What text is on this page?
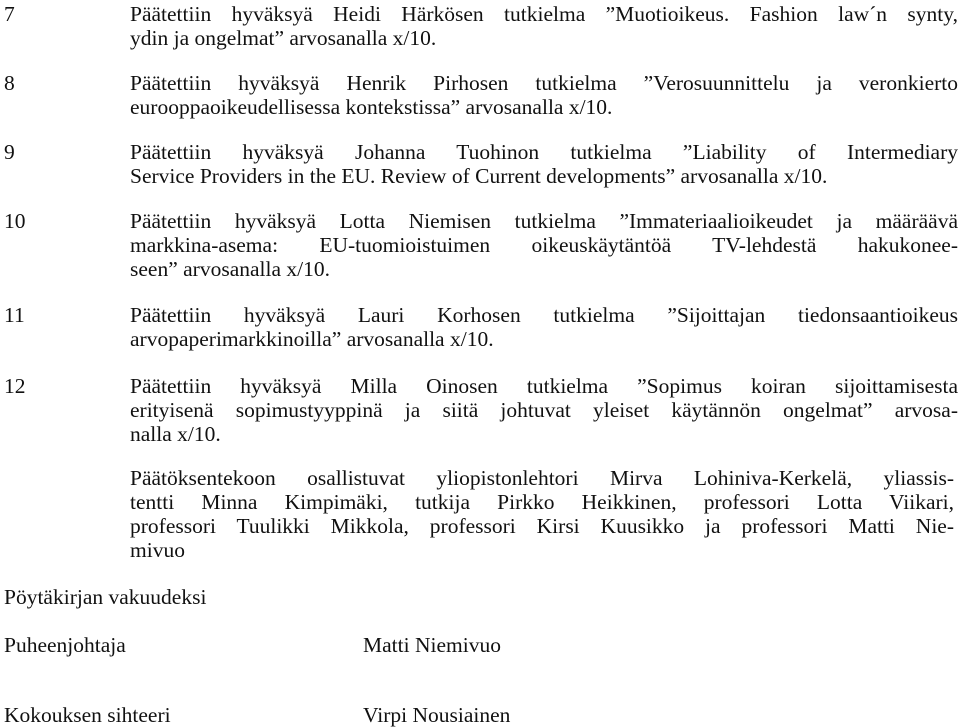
7	Päätettiin hyväksyä Heidi Härkösen tutkielma ”Muotioikeus. Fashion law´n synty,
ydin ja ongelmat” arvosanalla x/10.
8	Päätettiin hyväksyä Henrik Pirhosen tutkielma ”Verosuunnittelu ja veronkierto
eurooppaoikeudellisessa kontekstissa” arvosanalla x/10.
9	Päätettiin hyväksyä Johanna Tuohinon tutkielma ”Liability of Intermediary
Service Providers in the EU. Review of Current developments” arvosanalla x/10.
10	Päätettiin hyväksyä Lotta Niemisen tutkielma ”Immateriaalioikeudet ja määräävä
markkina-asema: EU-tuomioistuimen oikeuskäytäntöä TV-lehdestä hakukonee-
seen” arvosanalla x/10.
11	Päätettiin hyväksyä Lauri Korhosen tutkielma ”Sijoittajan tiedonsaantioikeus
arvopaperimarkkinoilla” arvosanalla x/10.
12	Päätettiin hyväksyä Milla Oinosen tutkielma ”Sopimus koiran sijoittamisesta
erityisenä sopimustyyppinä ja siitä johtuvat yleiset käytännön ongelmat” arvosa-
nalla x/10.
Päätöksentekoon osallistuvat yliopistonlehtori Mirva Lohiniva-Kerkelä, yliassis-
tentti Minna Kimpimäki, tutkija Pirkko Heikkinen, professori Lotta Viikari,
professori Tuulikki Mikkola, professori Kirsi Kuusikko ja professori Matti Nie-
mivuo
Pöytäkirjan vakuudeksi
Puheenjohtaja	Matti Niemivuo
Kokouksen sihteeri	Virpi Nousiainen
